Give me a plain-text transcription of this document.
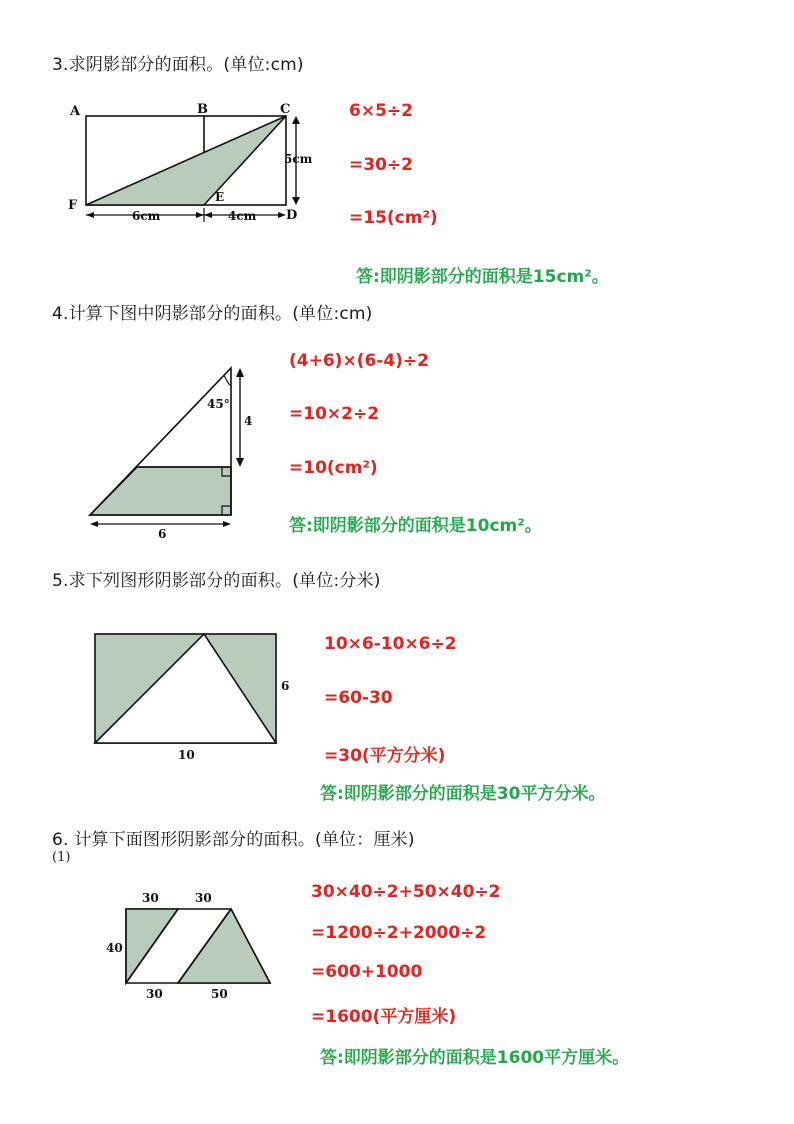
3.求阴影部分的面积。(单位:cm)
A	B	C
F
E
D
5cm
6cm	4cm
6×5÷2
=30÷2
=15(cm²)
答:即阴影部分的面积是15cm²。
4.计算下图中阴影部分的面积。(单位:cm)
45°
4
6
(4+6)×(6-4)÷2
=10×2÷2
=10(cm²)
答:即阴影部分的面积是10cm²。
5.求下列图形阴影部分的面积。(单位:分米)
6
10
10×6-10×6÷2
=60-30
=30(平方分米)
答:即阴影部分的面积是30平方分米。
6. 计算下面图形阴影部分的面积。(单位：厘米)
(1)
30	30
40
30	50
30×40÷2+50×40÷2
=1200÷2+2000÷2
=600+1000
=1600(平方厘米)
答:即阴影部分的面积是1600平方厘米。
